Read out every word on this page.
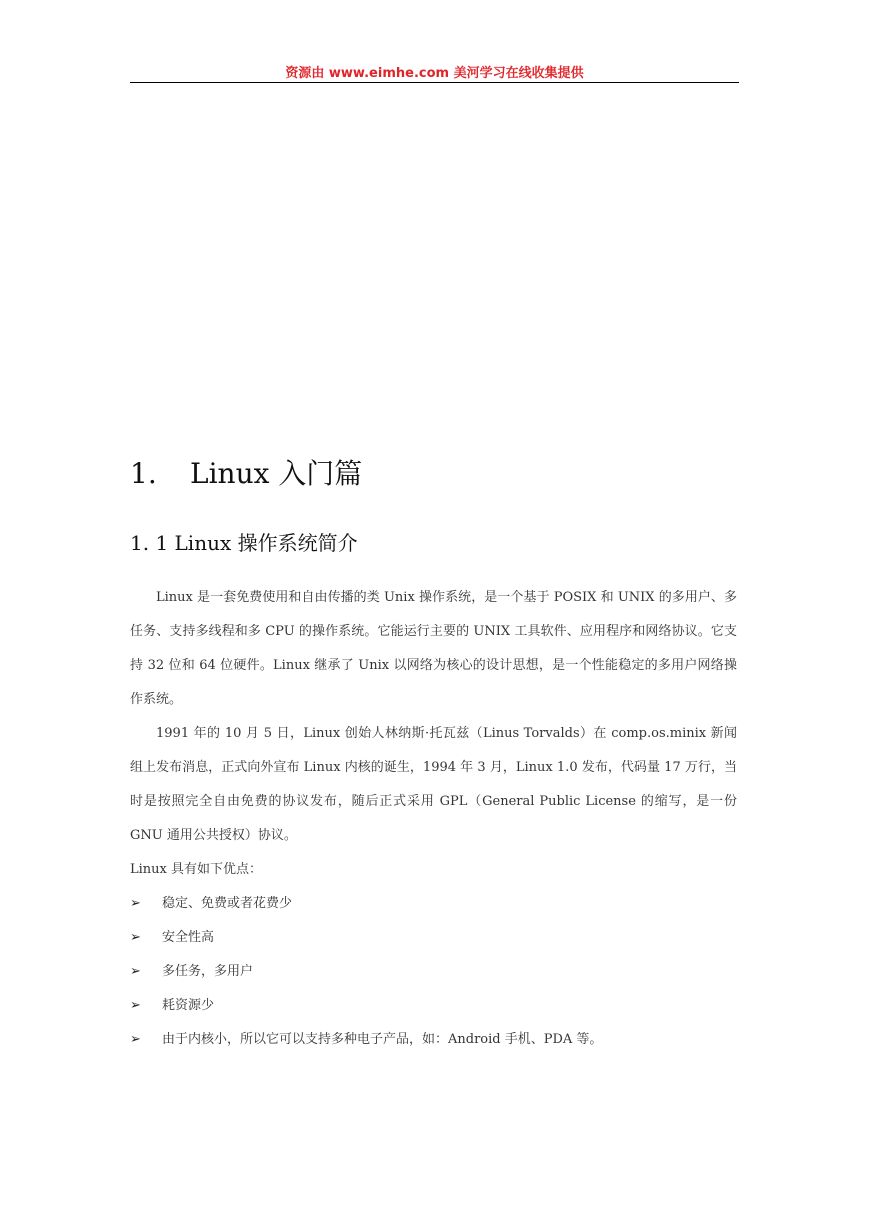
资源由 www.eimhe.com 美河学习在线收集提供
1. Linux 入门篇
1. 1 Linux 操作系统简介

Linux 是一套免费使用和自由传播的类 Unix 操作系统，是一个基于 POSIX 和 UNIX 的多用户、多任务、支持多线程和多 CPU 的操作系统。它能运行主要的 UNIX 工具软件、应用程序和网络协议。它支持 32 位和 64 位硬件。Linux 继承了 Unix 以网络为核心的设计思想，是一个性能稳定的多用户网络操作系统。

1991 年的 10 月 5 日，Linux 创始人林纳斯·托瓦兹（Linus Torvalds）在 comp.os.minix 新闻组上发布消息，正式向外宣布 Linux 内核的诞生，1994 年 3 月，Linux 1.0 发布，代码量 17 万行，当时是按照完全自由免费的协议发布，随后正式采用 GPL（General Public License 的缩写，是一份 GNU 通用公共授权）协议。

Linux 具有如下优点：

➢ 稳定、免费或者花费少
➢ 安全性高
➢ 多任务，多用户
➢ 耗资源少
➢ 由于内核小，所以它可以支持多种电子产品，如：Android 手机、PDA 等。
